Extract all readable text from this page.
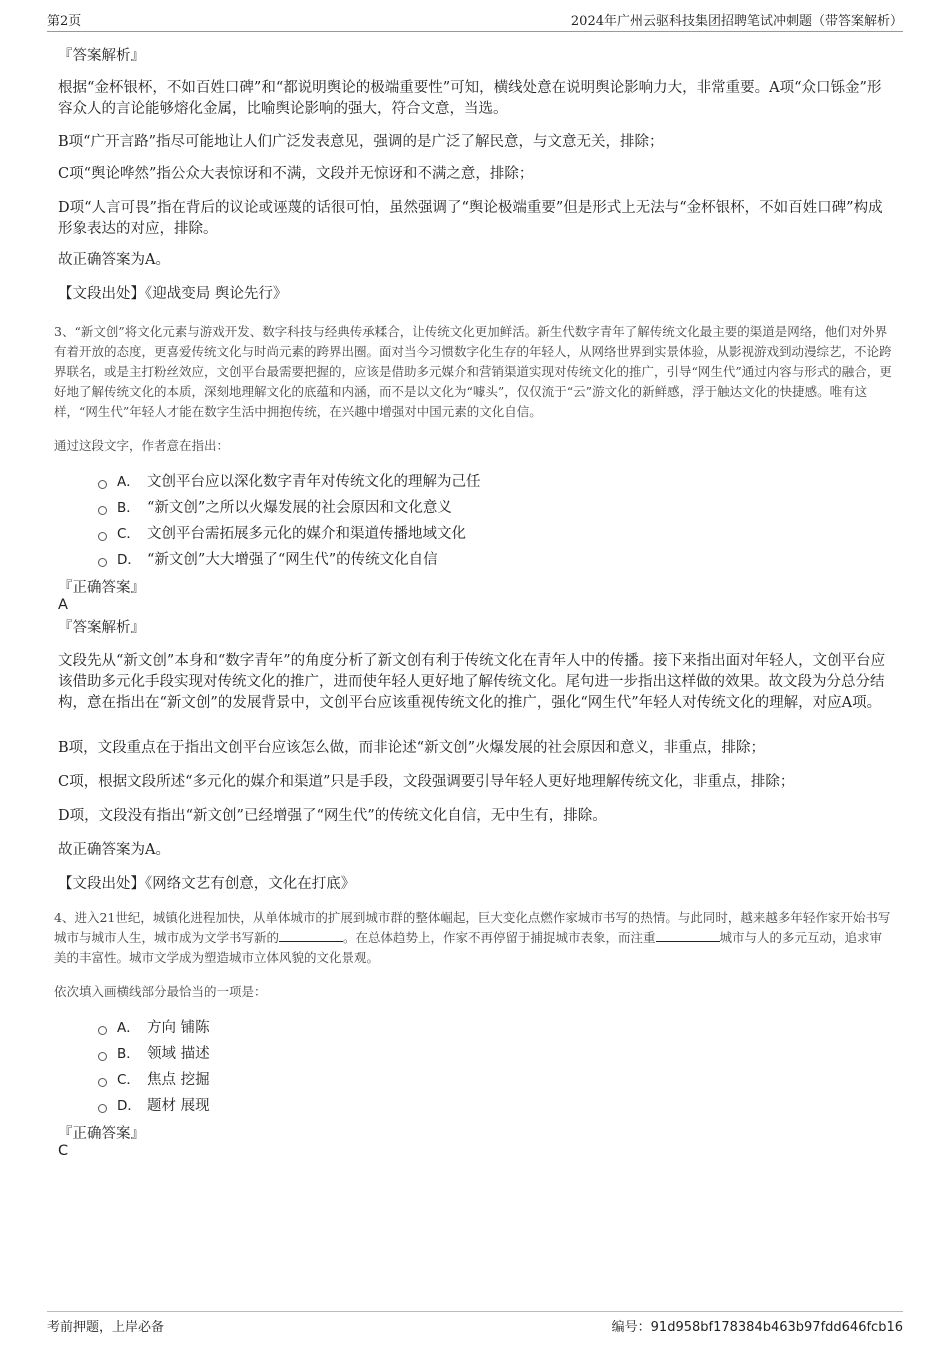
第2页	2024年广州云驱科技集团招聘笔试冲刺题（带答案解析）

『答案解析』

根据“金杯银杯，不如百姓口碑”和“都说明舆论的极端重要性”可知，横线处意在说明舆论影响力大，非常重要。A项“众口铄金”形容众人的言论能够熔化金属，比喻舆论影响的强大，符合文意，当选。

B项“广开言路”指尽可能地让人们广泛发表意见，强调的是广泛了解民意，与文意无关，排除；

C项“舆论哗然”指公众大表惊讶和不满，文段并无惊讶和不满之意，排除；

D项“人言可畏”指在背后的议论或诬蔑的话很可怕，虽然强调了“舆论极端重要”但是形式上无法与“金杯银杯，不如百姓口碑”构成形象表达的对应，排除。

故正确答案为A。

【文段出处】《迎战变局 舆论先行》

3、“新文创”将文化元素与游戏开发、数字科技与经典传承糅合，让传统文化更加鲜活。新生代数字青年了解传统文化最主要的渠道是网络，他们对外界有着开放的态度，更喜爱传统文化与时尚元素的跨界出圈。面对当今习惯数字化生存的年轻人，从网络世界到实景体验，从影视游戏到动漫综艺，不论跨界联名，或是主打粉丝效应，文创平台最需要把握的，应该是借助多元媒介和营销渠道实现对传统文化的推广，引导“网生代”通过内容与形式的融合，更好地了解传统文化的本质，深刻地理解文化的底蕴和内涵，而不是以文化为“噱头”，仅仅流于“云”游文化的新鲜感，浮于触达文化的快捷感。唯有这样，“网生代”年轻人才能在数字生活中拥抱传统，在兴趣中增强对中国元素的文化自信。

通过这段文字，作者意在指出：

A． 文创平台应以深化数字青年对传统文化的理解为己任
B． “新文创”之所以火爆发展的社会原因和文化意义
C． 文创平台需拓展多元化的媒介和渠道传播地域文化
D． “新文创”大大增强了“网生代”的传统文化自信

『正确答案』

A

『答案解析』

文段先从“新文创”本身和“数字青年”的角度分析了新文创有利于传统文化在青年人中的传播。接下来指出面对年轻人，文创平台应该借助多元化手段实现对传统文化的推广，进而使年轻人更好地了解传统文化。尾句进一步指出这样做的效果。故文段为分总分结构，意在指出在“新文创”的发展背景中，文创平台应该重视传统文化的推广，强化“网生代”年轻人对传统文化的理解，对应A项。

B项，文段重点在于指出文创平台应该怎么做，而非论述“新文创”火爆发展的社会原因和意义，非重点，排除；

C项，根据文段所述“多元化的媒介和渠道”只是手段，文段强调要引导年轻人更好地理解传统文化，非重点，排除；

D项，文段没有指出“新文创”已经增强了“网生代”的传统文化自信，无中生有，排除。

故正确答案为A。

【文段出处】《网络文艺有创意，文化在打底》

4、进入21世纪，城镇化进程加快，从单体城市的扩展到城市群的整体崛起，巨大变化点燃作家城市书写的热情。与此同时，越来越多年轻作家开始书写城市与城市人生，城市成为文学书写新的	。在总体趋势上，作家不再停留于捕捉城市表象，而注重	城市与人的多元互动，追求审美的丰富性。城市文学成为塑造城市立体风貌的文化景观。

依次填入画横线部分最恰当的一项是：

A． 方向 铺陈
B． 领域 描述
C． 焦点 挖掘
D． 题材 展现

『正确答案』

C

考前押题，上岸必备	编号：91d958bf178384b463b97fdd646fcb16
